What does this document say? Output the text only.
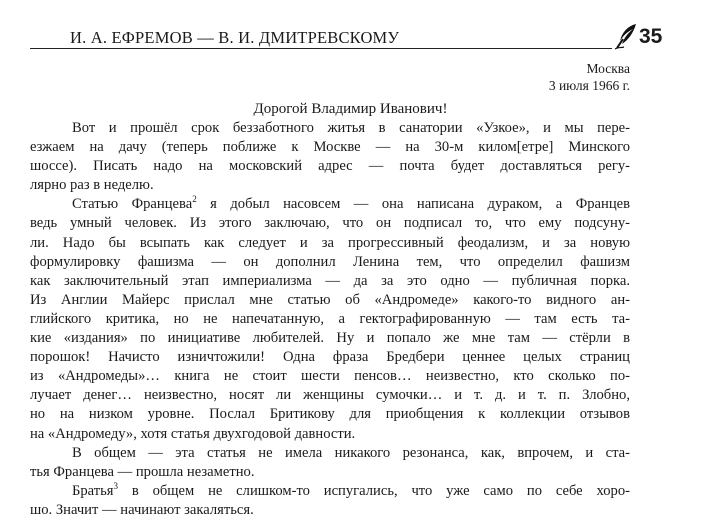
И. А. ЕФРЕМОВ — В. И. ДМИТРЕВСКОМУ	35
Москва
3 июля 1966 г.
Дорогой Владимир Иванович!
Вот и прошёл срок беззаботного житья в санатории «Узкое», и мы пере-
езжаем на дачу (теперь поближе к Москве — на 30-м килом[етре] Минского
шоссе). Писать надо на московский адрес — почта будет доставляться регу-
лярно раз в неделю.
Статью Францева$^2$ я добыл насовсем — она написана дураком, а Францев
ведь умный человек. Из этого заключаю, что он подписал то, что ему подсуну-
ли. Надо бы всыпать как следует и за прогрессивный феодализм, и за новую
формулировку фашизма — он дополнил Ленина тем, что определил фашизм
как заключительный этап империализма — да за это одно — публичная порка.
Из Англии Майерс прислал мне статью об «Андромеде» какого-то видного ан-
глийского критика, но не напечатанную, а гектографированную — там есть та-
кие «издания» по инициативе любителей. Ну и попало же мне там — стёрли в
порошок! Начисто изничтожили! Одна фраза Бредбери ценнее целых страниц
из «Андромеды»… книга не стоит шести пенсов… неизвестно, кто сколько по-
лучает денег… неизвестно, носят ли женщины сумочки… и т. д. и т. п. Злобно,
но на низком уровне. Послал Бритикову для приобщения к коллекции отзывов
на «Андромеду», хотя статья двухгодовой давности.
В общем — эта статья не имела никакого резонанса, как, впрочем, и ста-
тья Францева — прошла незаметно.
Братья$^3$ в общем не слишком-то испугались, что уже само по себе хоро-
шо. Значит — начинают закаляться.
